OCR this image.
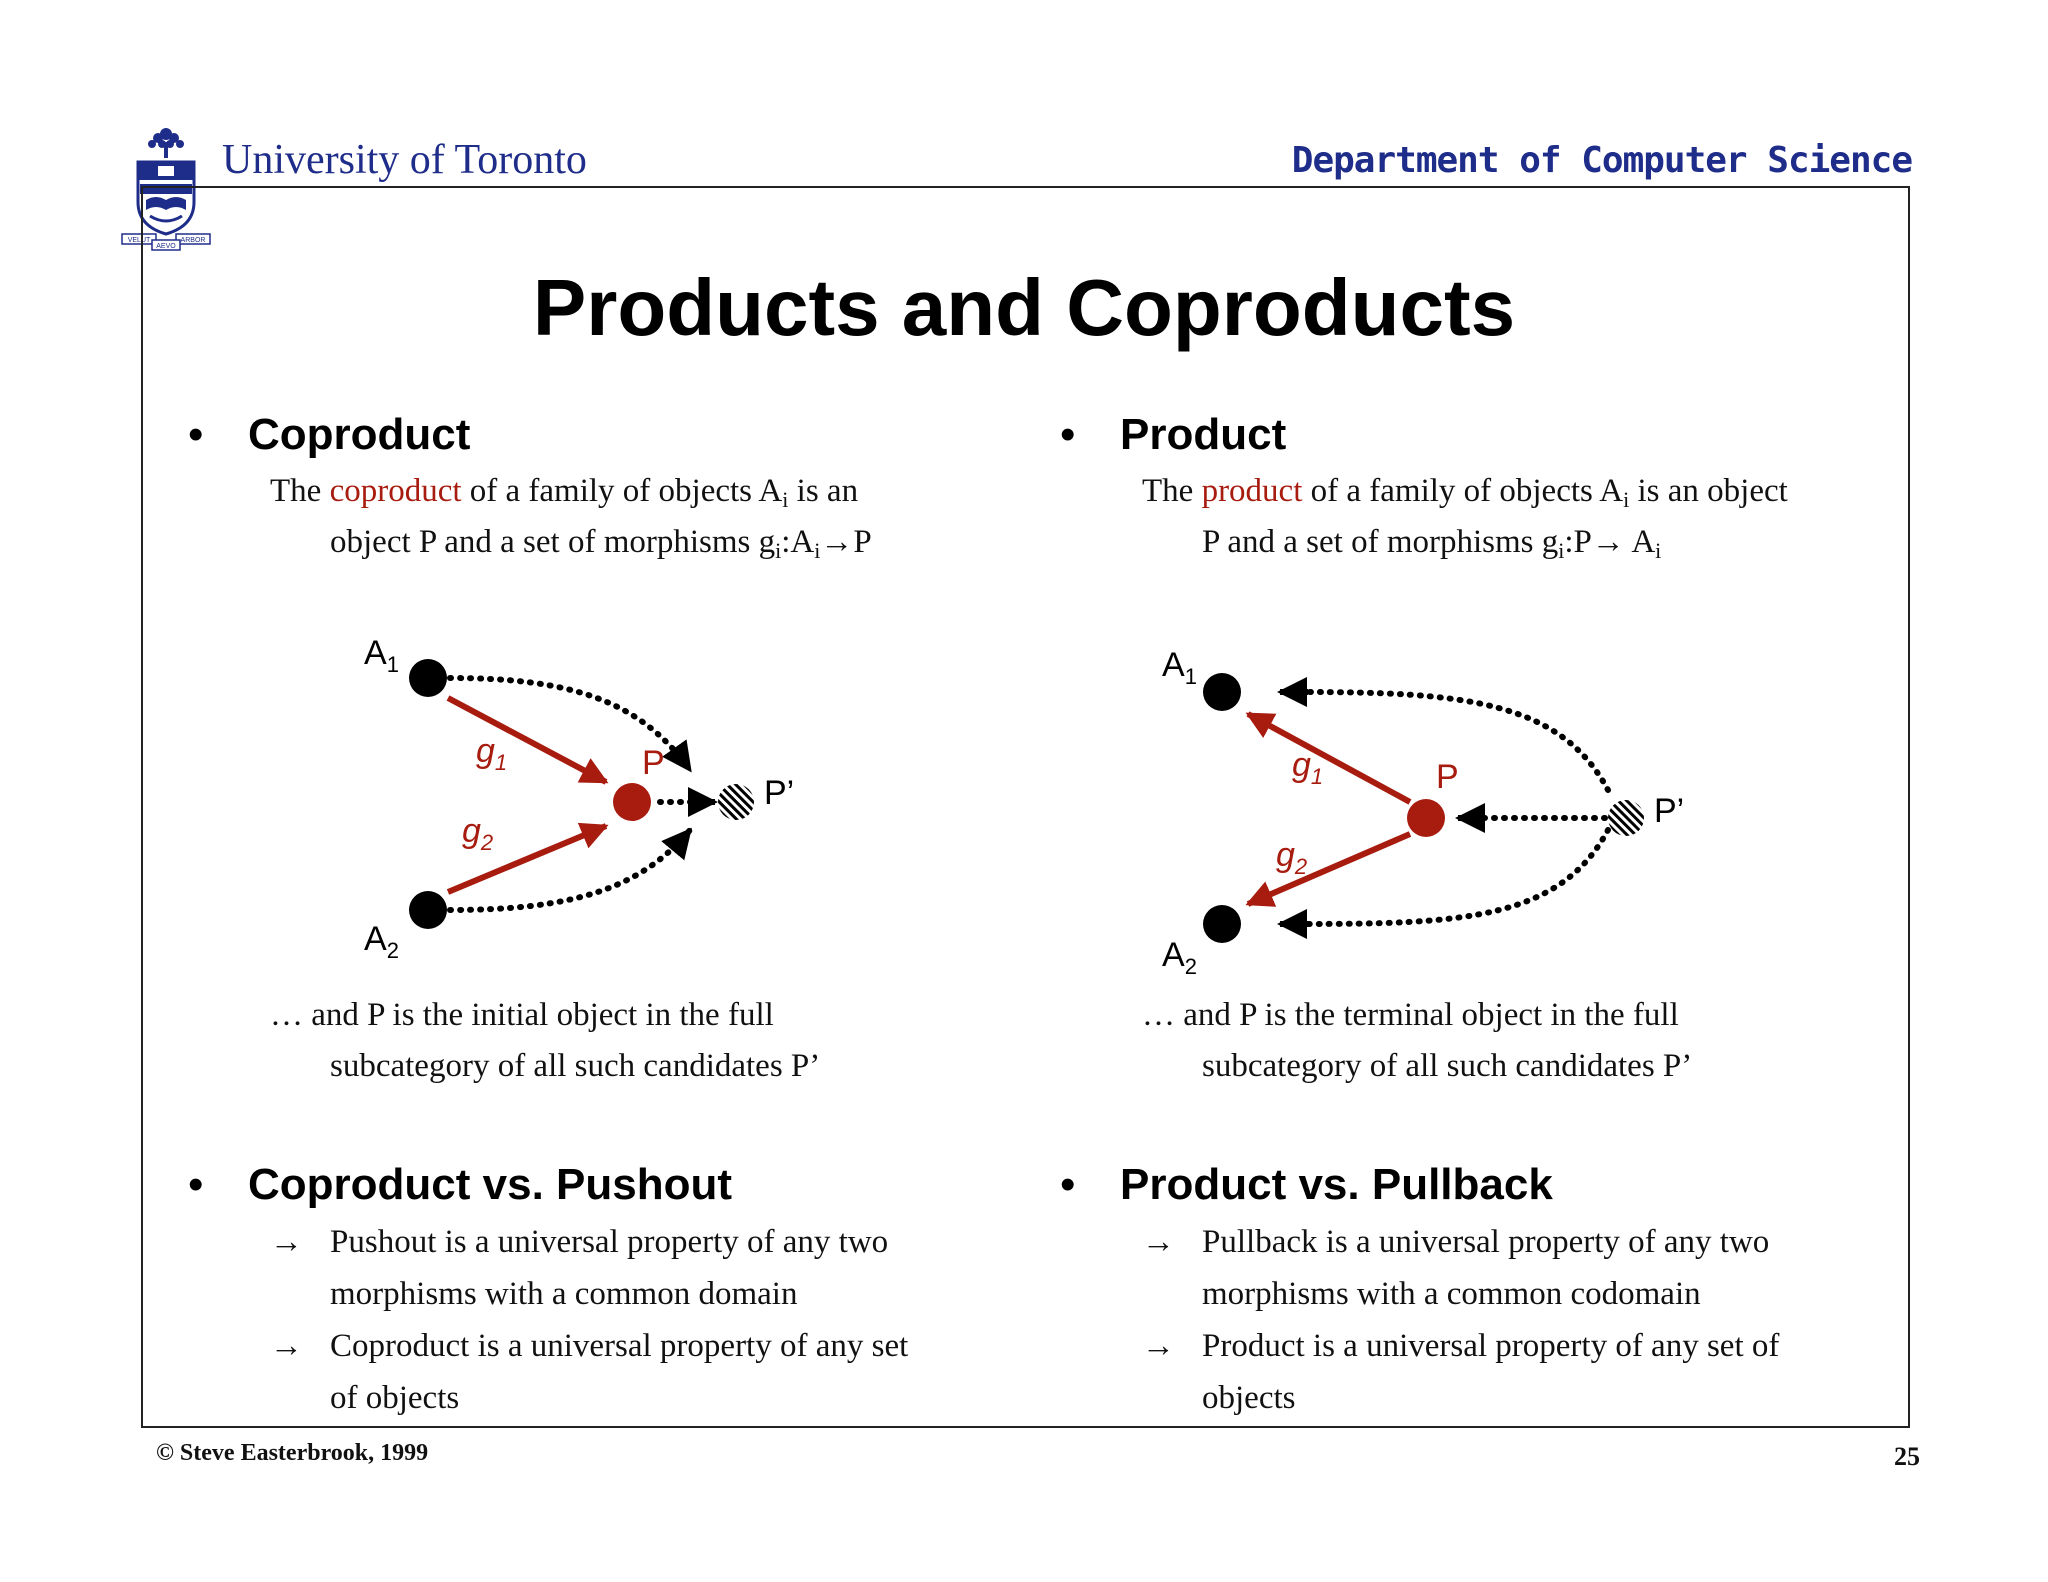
VELUT	ARBOR
AEVO
University of Toronto	Department of Computer Science
Products and Coproducts
• Coproduct
The coproduct of a family of objects $A_i$ is an
object P and a set of morphisms $g_i:A_i\to P$
$A_1$
$A_2$
P
P’
$g_1$
$g_2$
… and P is the initial object in the full
subcategory of all such candidates P’
• Coproduct vs. Pushout
→ Pushout is a universal property of any two
morphisms with a common domain
→ Coproduct is a universal property of any set
of objects
• Product
The product of a family of objects $A_i$ is an object
P and a set of morphisms $g_i:P\to A_i$
$A_1$
$A_2$
P
P’
$g_1$
$g_2$
… and P is the terminal object in the full
subcategory of all such candidates P’
• Product vs. Pullback
→ Pullback is a universal property of any two
morphisms with a common codomain
→ Product is a universal property of any set of
objects
© Steve Easterbrook, 1999	25
